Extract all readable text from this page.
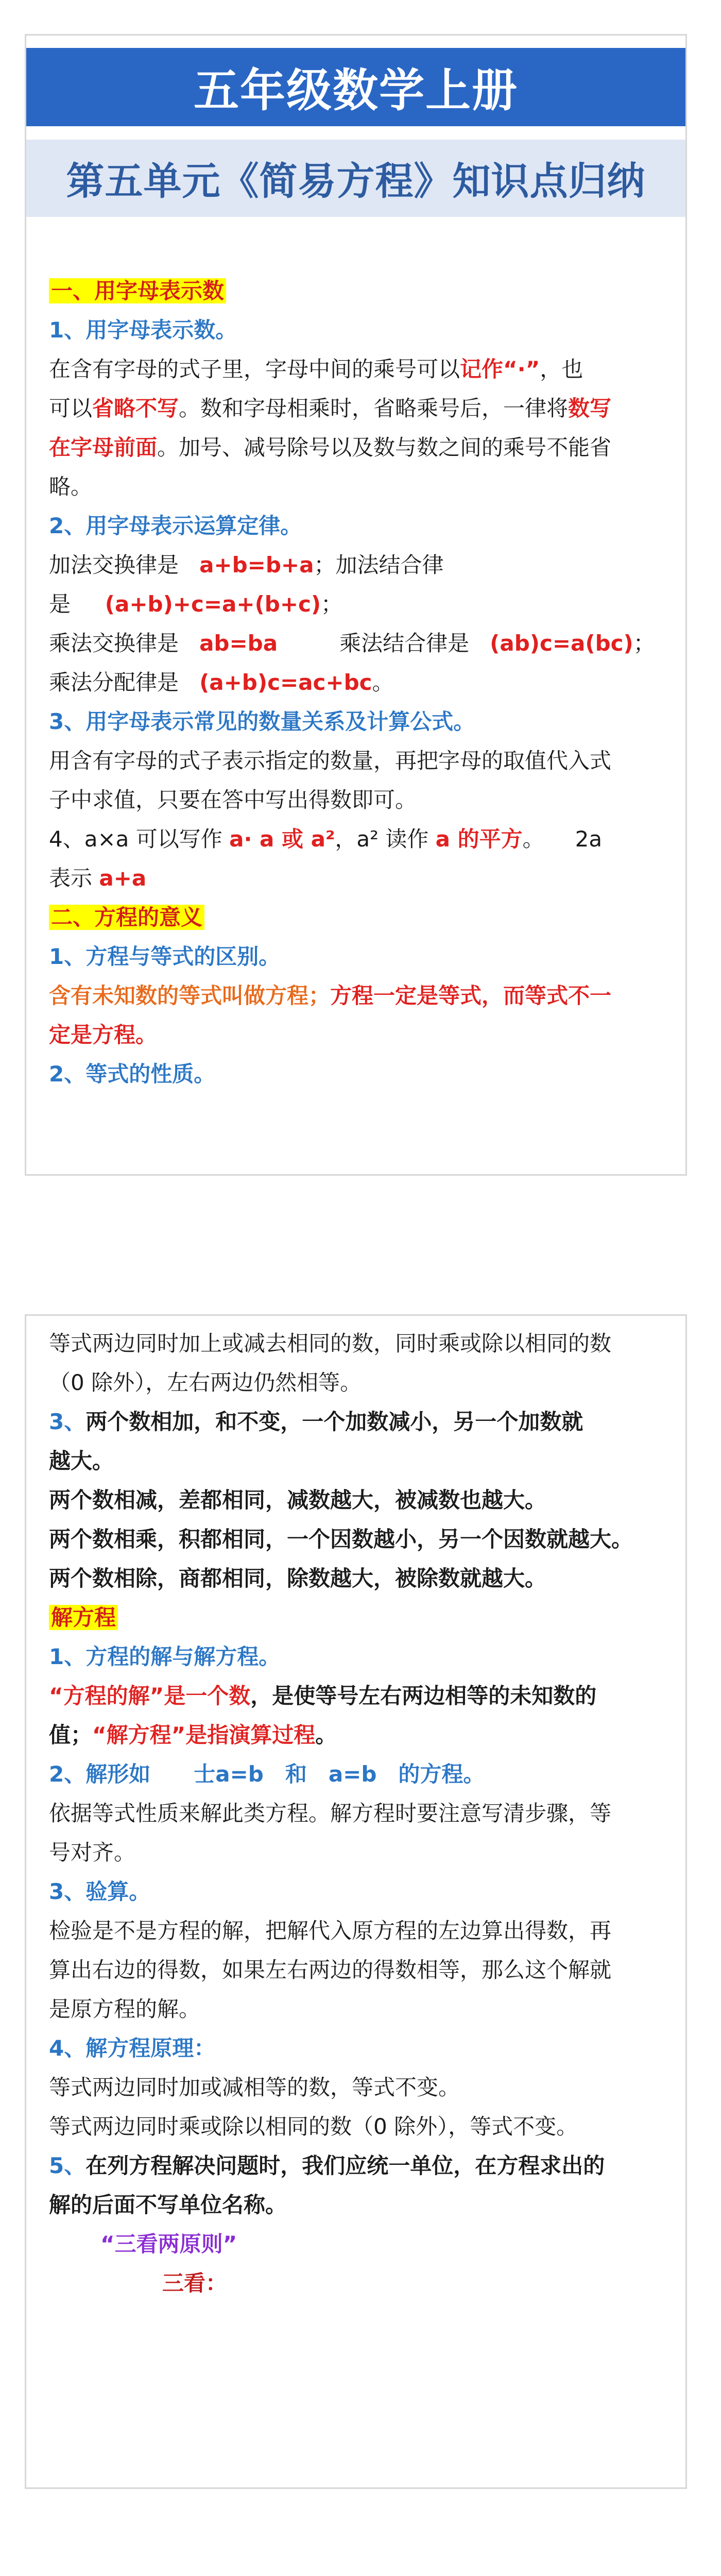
五年级数学上册
第五单元《简易方程》知识点归纳
一、用字母表示数
1、用字母表示数。
在含有字母的式子里，字母中间的乘号可以记作“·”，也
可以省略不写。数和字母相乘时，省略乘号后，一律将数写
在字母前面。加号、减号除号以及数与数之间的乘号不能省
略。
2、用字母表示运算定律。
加法交换律是 a+b=b+a；加法结合律
是 (a+b)+c=a+(b+c)；
乘法交换律是 ab=ba	乘法结合律是 (ab)c=a(bc)；
乘法分配律是 (a+b)c=ac+bc。
3、用字母表示常见的数量关系及计算公式。
用含有字母的式子表示指定的数量，再把字母的取值代入式
子中求值，只要在答中写出得数即可。
4、a×a 可以写作 a· a 或 a²，a² 读作 a 的平方。 2a
表示 a+a
二、方程的意义
1、方程与等式的区别。
含有未知数的等式叫做方程；方程一定是等式，而等式不一
定是方程。
2、等式的性质。
等式两边同时加上或减去相同的数，同时乘或除以相同的数
（0 除外），左右两边仍然相等。
3、两个数相加，和不变，一个加数减小，另一个加数就
越大。
两个数相减，差都相同，减数越大，被减数也越大。
两个数相乘，积都相同，一个因数越小，另一个因数就越大。
两个数相除，商都相同，除数越大，被除数就越大。
解方程
1、方程的解与解方程。
“方程的解”是一个数，是使等号左右两边相等的未知数的
值；“解方程”是指演算过程。
2、解形如　　士a=b　和　a=b　的方程。
依据等式性质来解此类方程。解方程时要注意写清步骤，等
号对齐。
3、验算。
检验是不是方程的解，把解代入原方程的左边算出得数，再
算出右边的得数，如果左右两边的得数相等，那么这个解就
是原方程的解。
4、解方程原理：
等式两边同时加或减相等的数，等式不变。
等式两边同时乘或除以相同的数（0 除外），等式不变。
5、在列方程解决问题时，我们应统一单位，在方程求出的
解的后面不写单位名称。
“三看两原则”
三看：
